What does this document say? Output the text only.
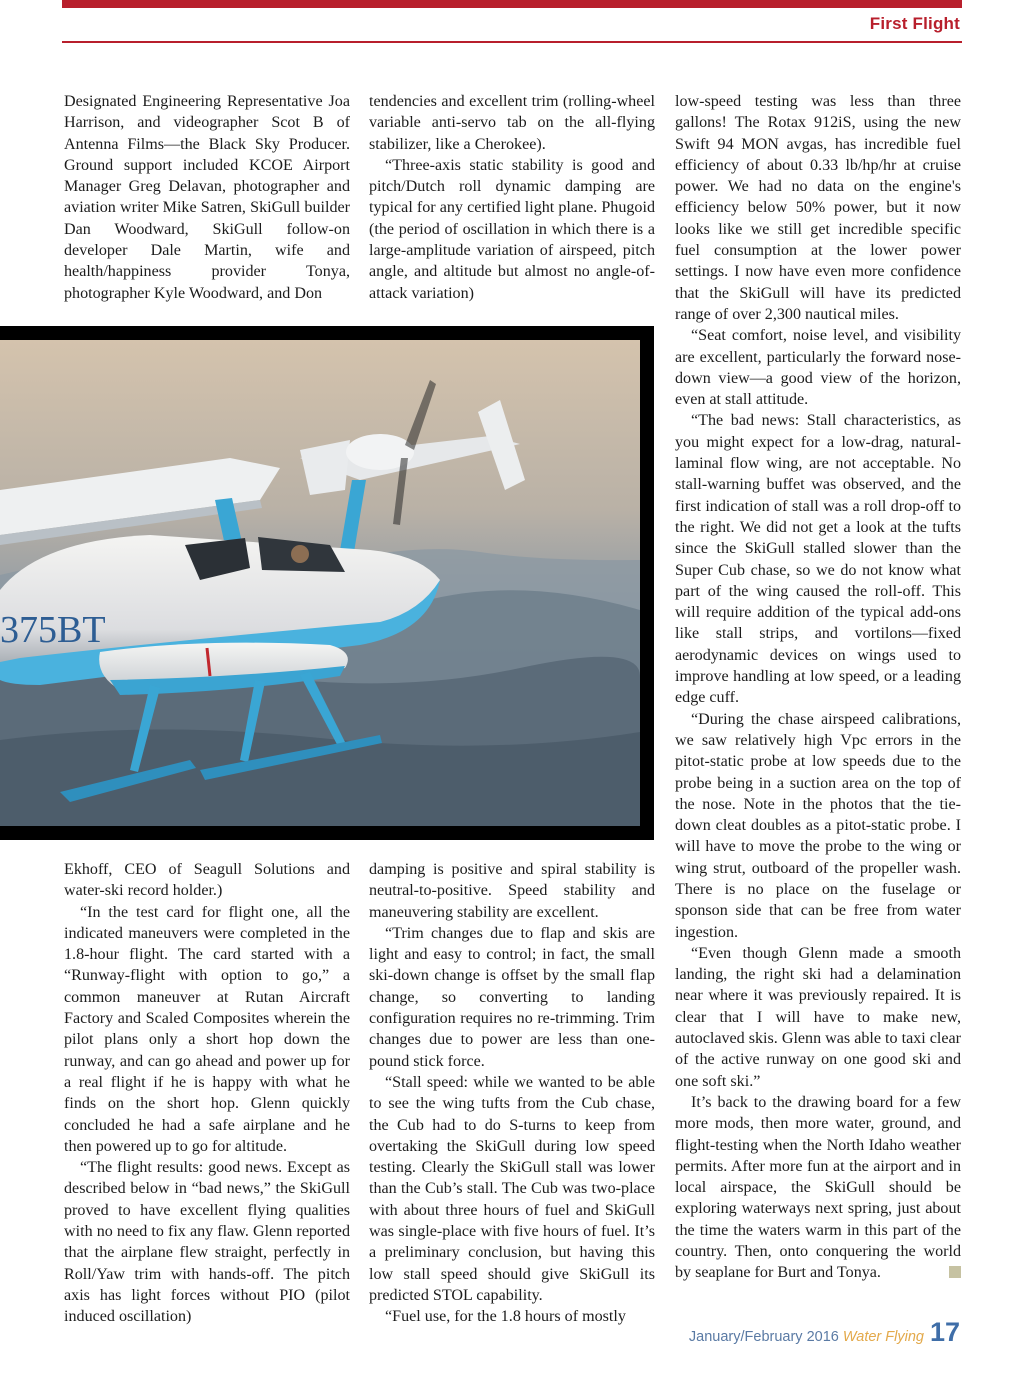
First Flight

Designated Engineering Representative Joa Harrison, and videographer Scot B of Antenna Films—the Black Sky Producer. Ground support included KCOE Airport Manager Greg Delavan, photographer and aviation writer Mike Satren, SkiGull builder Dan Woodward, SkiGull follow-on developer Dale Martin, wife and health/happiness provider Tonya, photographer Kyle Woodward, and Don

tendencies and excellent trim (rolling-wheel variable anti-servo tab on the all-flying stabilizer, like a Cherokee).

“Three-axis static stability is good and pitch/Dutch roll dynamic damping are typical for any certified light plane. Phugoid (the period of oscillation in which there is a large-amplitude variation of airspeed, pitch angle, and altitude but almost no angle-of-attack variation)

375BT

Ekhoff, CEO of Seagull Solutions and water-ski record holder.)

“In the test card for flight one, all the indicated maneuvers were completed in the 1.8-hour flight. The card started with a “Runway-flight with option to go,” a common maneuver at Rutan Aircraft Factory and Scaled Composites wherein the pilot plans only a short hop down the runway, and can go ahead and power up for a real flight if he is happy with what he finds on the short hop. Glenn quickly concluded he had a safe airplane and he then powered up to go for altitude.

“The flight results: good news. Except as described below in “bad news,” the SkiGull proved to have excellent flying qualities with no need to fix any flaw. Glenn reported that the airplane flew straight, perfectly in Roll/Yaw trim with hands-off. The pitch axis has light forces without PIO (pilot induced oscillation)

damping is positive and spiral stability is neutral-to-positive. Speed stability and maneuvering stability are excellent.

“Trim changes due to flap and skis are light and easy to control; in fact, the small ski-down change is offset by the small flap change, so converting to landing configuration requires no re-trimming. Trim changes due to power are less than one-pound stick force.

“Stall speed: while we wanted to be able to see the wing tufts from the Cub chase, the Cub had to do S-turns to keep from overtaking the SkiGull during low speed testing. Clearly the SkiGull stall was lower than the Cub’s stall. The Cub was two-place with about three hours of fuel and SkiGull was single-place with five hours of fuel. It’s a preliminary conclusion, but having this low stall speed should give SkiGull its predicted STOL capability.

“Fuel use, for the 1.8 hours of mostly

low-speed testing was less than three gallons! The Rotax 912iS, using the new Swift 94 MON avgas, has incredible fuel efficiency of about 0.33 lb/hp/hr at cruise power. We had no data on the engine's efficiency below 50% power, but it now looks like we still get incredible specific fuel consumption at the lower power settings. I now have even more confidence that the SkiGull will have its predicted range of over 2,300 nautical miles.

“Seat comfort, noise level, and visibility are excellent, particularly the forward nose-down view—a good view of the horizon, even at stall attitude.

“The bad news: Stall characteristics, as you might expect for a low-drag, natural-laminal flow wing, are not acceptable. No stall-warning buffet was observed, and the first indication of stall was a roll drop-off to the right. We did not get a look at the tufts since the SkiGull stalled slower than the Super Cub chase, so we do not know what part of the wing caused the roll-off. This will require addition of the typical add-ons like stall strips, and vortilons—fixed aerodynamic devices on wings used to improve handling at low speed, or a leading edge cuff.

“During the chase airspeed calibrations, we saw relatively high Vpc errors in the pitot-static probe at low speeds due to the probe being in a suction area on the top of the nose. Note in the photos that the tie-down cleat doubles as a pitot-static probe. I will have to move the probe to the wing or wing strut, outboard of the propeller wash. There is no place on the fuselage or sponson side that can be free from water ingestion.

“Even though Glenn made a smooth landing, the right ski had a delamination near where it was previously repaired. It is clear that I will have to make new, autoclaved skis. Glenn was able to taxi clear of the active runway on one good ski and one soft ski.”

It’s back to the drawing board for a few more mods, then more water, ground, and flight-testing when the North Idaho weather permits. After more fun at the airport and in local airspace, the SkiGull should be exploring waterways next spring, just about the time the waters warm in this part of the country. Then, onto conquering the world by seaplane for Burt and Tonya.

January/February 2016 Water Flying 17
